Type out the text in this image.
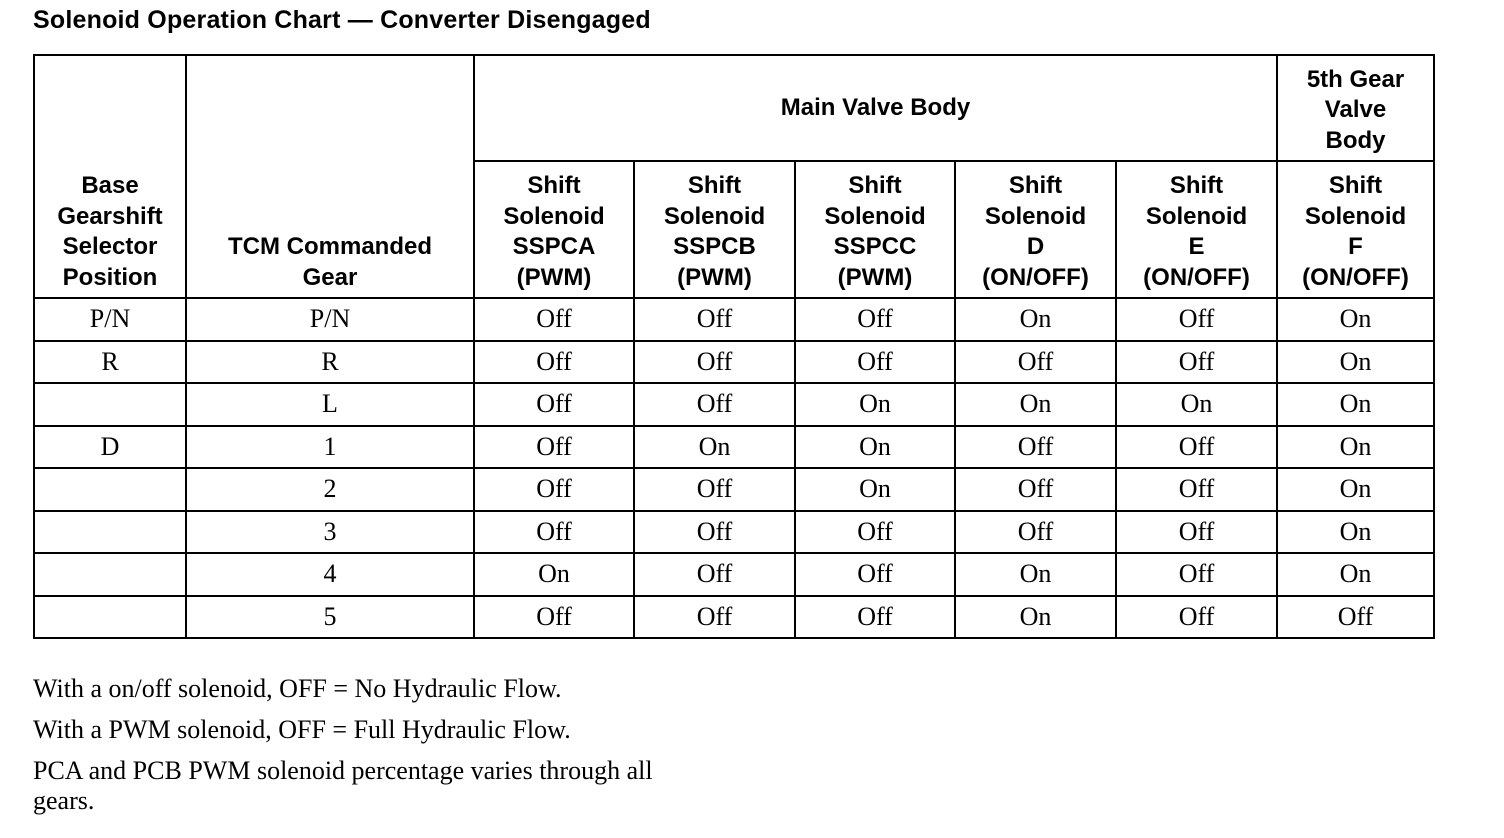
Solenoid Operation Chart — Converter Disengaged
Base
Gearshift
Selector
Position	TCM Commanded
Gear	Main Valve Body					5th Gear
Valve
Body

		Shift
Solenoid
SSPCA
(PWM)	Shift
Solenoid
SSPCB
(PWM)	Shift
Solenoid
SSPCC
(PWM)	Shift
Solenoid
D
(ON/OFF)	Shift
Solenoid
E
(ON/OFF)	Shift
Solenoid
F
(ON/OFF)

P/N	P/N	Off	Off	Off	On	Off	On
R	R	Off	Off	Off	Off	Off	On
	L	Off	Off	On	On	On	On
D	1	Off	On	On	Off	Off	On
	2	Off	Off	On	Off	Off	On
	3	Off	Off	Off	Off	Off	On
	4	On	Off	Off	On	Off	On
	5	Off	Off	Off	On	Off	Off

With a on/off solenoid, OFF = No Hydraulic Flow.

With a PWM solenoid, OFF = Full Hydraulic Flow.

PCA and PCB PWM solenoid percentage varies through all gears.
